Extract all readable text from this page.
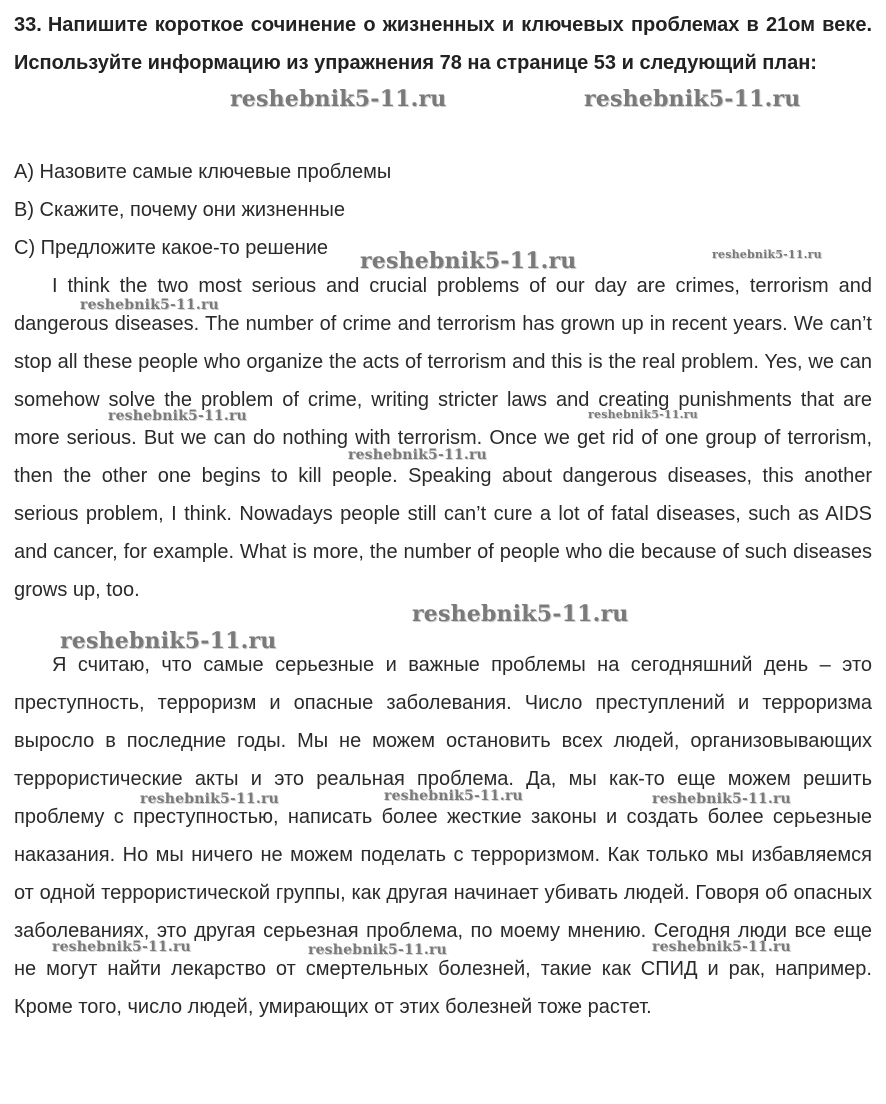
33. Напишите короткое сочинение о жизненных и ключевых проблемах в 21ом веке. Используйте информацию из упражнения 78 на странице 53 и следующий план:
A) Назовите самые ключевые проблемы
B) Скажите, почему они жизненные
C) Предложите какое-то решение
I think the two most serious and crucial problems of our day are crimes, terrorism and dangerous diseases. The number of crime and terrorism has grown up in recent years. We can’t stop all these people who organize the acts of terrorism and this is the real problem. Yes, we can somehow solve the problem of crime, writing stricter laws and creating punishments that are more serious. But we can do nothing with terrorism. Once we get rid of one group of terrorism, then the other one begins to kill people. Speaking about dangerous diseases, this another serious problem, I think. Nowadays people still can’t cure a lot of fatal diseases, such as AIDS and cancer, for example. What is more, the number of people who die because of such diseases grows up, too.
Я считаю, что самые серьезные и важные проблемы на сегодняшний день – это преступность, терроризм и опасные заболевания. Число преступлений и терроризма выросло в последние годы. Мы не можем остановить всех людей, организовывающих террористические акты и это реальная проблема. Да, мы как-то еще можем решить проблему с преступностью, написать более жесткие законы и создать более серьезные наказания. Но мы ничего не можем поделать с терроризмом. Как только мы избавляемся от одной террористической группы, как другая начинает убивать людей. Говоря об опасных заболеваниях, это другая серьезная проблема, по моему мнению. Сегодня люди все еще не могут найти лекарство от смертельных болезней, такие как СПИД и рак, например. Кроме того, число людей, умирающих от этих болезней тоже растет.
reshebnik5-11.ru	reshebnik5-11.ru
reshebnik5-11.ru	reshebnik5-11.ru
reshebnik5-11.ru
reshebnik5-11.ru	reshebnik5-11.ru
reshebnik5-11.ru
reshebnik5-11.ru
reshebnik5-11.ru
reshebnik5-11.ru	reshebnik5-11.ru	reshebnik5-11.ru
reshebnik5-11.ru	reshebnik5-11.ru	reshebnik5-11.ru
